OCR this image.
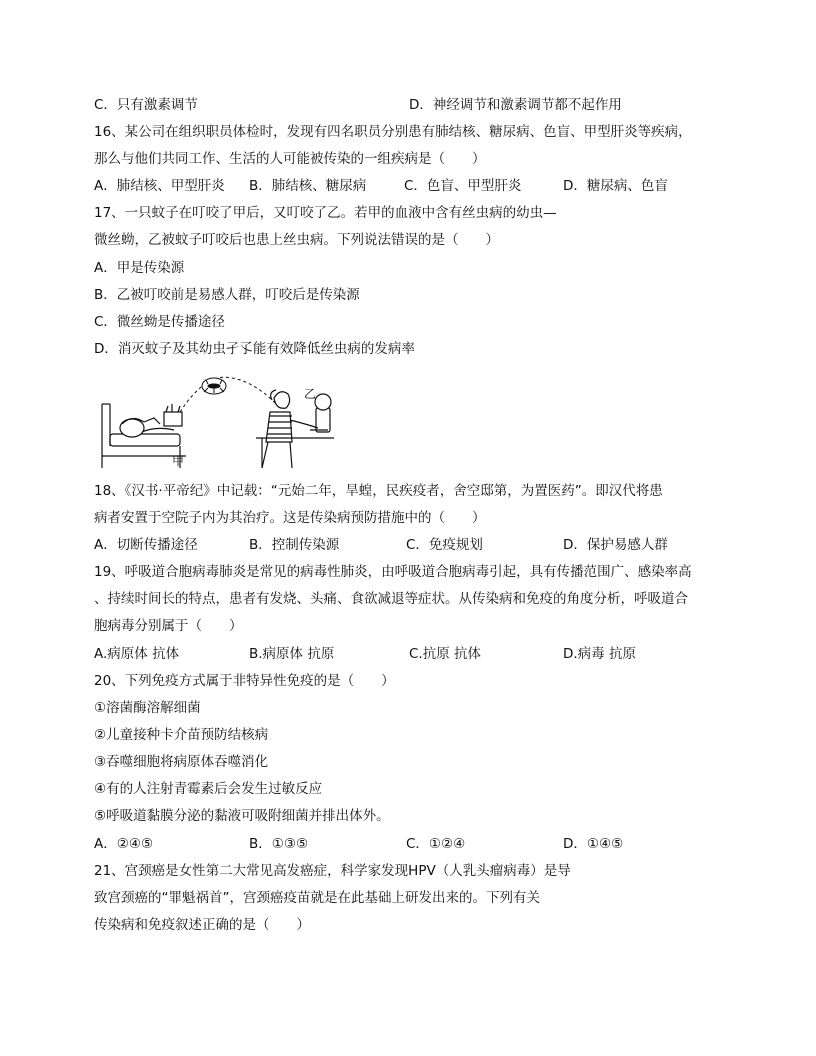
C．只有激素调节	D．神经调节和激素调节都不起作用
16、某公司在组织职员体检时，发现有四名职员分别患有肺结核、糖尿病、色盲、甲型肝炎等疾病，
那么与他们共同工作、生活的人可能被传染的一组疾病是（　　）
A．肺结核、甲型肝炎 B．肺结核、糖尿病	C．色盲、甲型肝炎	D．糖尿病、色盲
17、一只蚊子在叮咬了甲后，又叮咬了乙。若甲的血液中含有丝虫病的幼虫—
微丝蚴，乙被蚊子叮咬后也患上丝虫病。下列说法错误的是（　　）
A．甲是传染源
B．乙被叮咬前是易感人群，叮咬后是传染源
C．微丝蚴是传播途径
D．消灭蚊子及其幼虫孑孓能有效降低丝虫病的发病率
甲
乙
18、《汉书·平帝纪》中记载：“元始二年，旱蝗，民疾疫者，舍空邸第，为置医药”。即汉代将患
病者安置于空院子内为其治疗。这是传染病预防措施中的（　　）
A．切断传播途径	B．控制传染源	C．免疫规划	D．保护易感人群
19、呼吸道合胞病毒肺炎是常见的病毒性肺炎，由呼吸道合胞病毒引起，具有传播范围广、感染率高
、持续时间长的特点，患者有发烧、头痛、食欲减退等症状。从传染病和免疫的角度分析，呼吸道合
胞病毒分别属于（　　）
A.病原体 抗体	B.病原体 抗原	C.抗原 抗体	D.病毒 抗原
20、下列免疫方式属于非特异性免疫的是（　　）
①溶菌酶溶解细菌
②儿童接种卡介苗预防结核病
③吞噬细胞将病原体吞噬消化
④有的人注射青霉素后会发生过敏反应
⑤呼吸道黏膜分泌的黏液可吸附细菌并排出体外。
A．②④⑤	B．①③⑤	C．①②④	D．①④⑤
21、宫颈癌是女性第二大常见高发癌症，科学家发现HPV（人乳头瘤病毒）是导
致宫颈癌的“罪魁祸首”，宫颈癌疫苗就是在此基础上研发出来的。下列有关
传染病和免疫叙述正确的是（　　）
